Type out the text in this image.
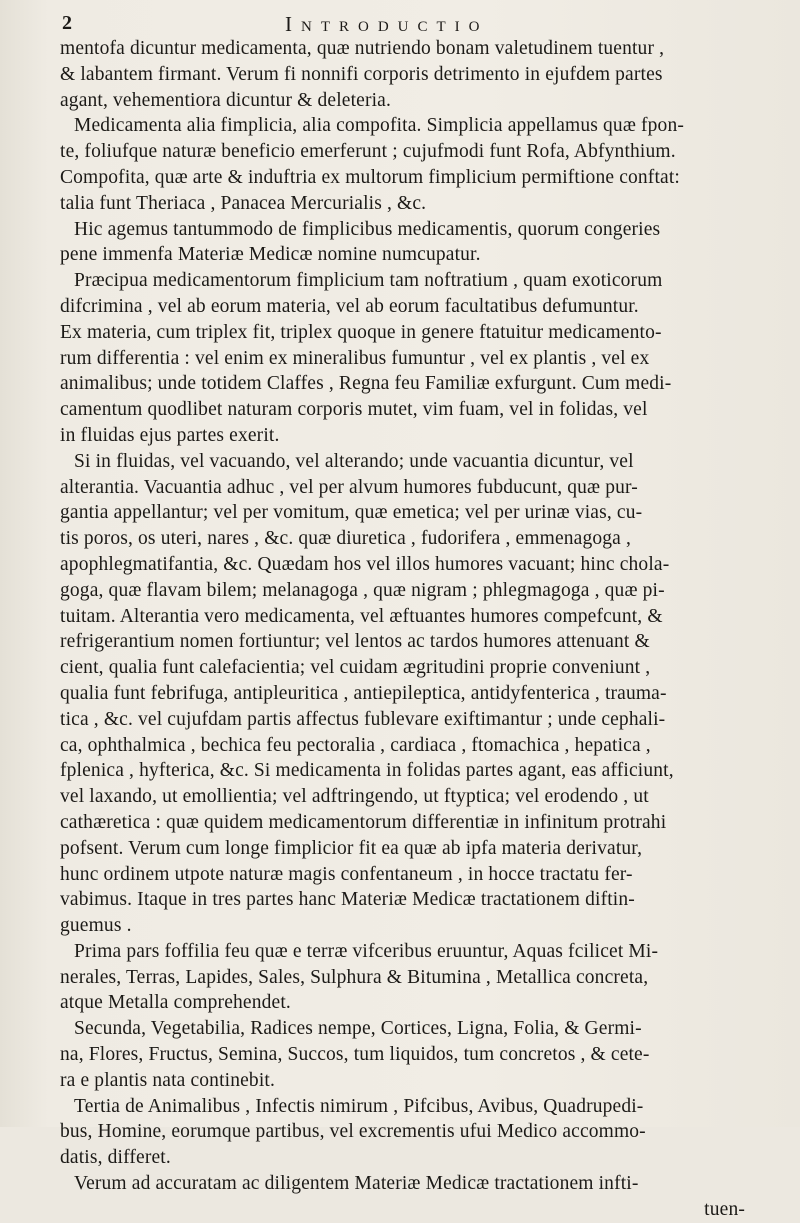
2	Introductio
mentofa dicuntur medicamenta, quæ nutriendo bonam valetudinem tuentur ,
& labantem firmant. Verum fi nonnifi corporis detrimento in ejufdem partes
agant, vehementiora dicuntur & deleteria.
Medicamenta alia fimplicia, alia compofita. Simplicia appellamus quæ fpon-
te, foliufque naturæ beneficio emerferunt ; cujufmodi funt Rofa, Abfynthium.
Compofita, quæ arte & induftria ex multorum fimplicium permiftione conftat:
talia funt Theriaca , Panacea Mercurialis , &c.
Hic agemus tantummodo de fimplicibus medicamentis, quorum congeries
pene immenfa Materiæ Medicæ nomine numcupatur.
Præcipua medicamentorum fimplicium tam noftratium , quam exoticorum
difcrimina , vel ab eorum materia, vel ab eorum facultatibus defumuntur.
Ex materia, cum triplex fit, triplex quoque in genere ftatuitur medicamento-
rum differentia : vel enim ex mineralibus fumuntur , vel ex plantis , vel ex
animalibus; unde totidem Claffes , Regna feu Familiæ exfurgunt. Cum medi-
camentum quodlibet naturam corporis mutet, vim fuam, vel in folidas, vel
in fluidas ejus partes exerit.
Si in fluidas, vel vacuando, vel alterando; unde vacuantia dicuntur, vel
alterantia. Vacuantia adhuc , vel per alvum humores fubducunt, quæ pur-
gantia appellantur; vel per vomitum, quæ emetica; vel per urinæ vias, cu-
tis poros, os uteri, nares , &c. quæ diuretica , fudorifera , emmenagoga ,
apophlegmatifantia, &c. Quædam hos vel illos humores vacuant; hinc chola-
goga, quæ flavam bilem; melanagoga , quæ nigram ; phlegmagoga , quæ pi-
tuitam. Alterantia vero medicamenta, vel æftuantes humores compefcunt, &
refrigerantium nomen fortiuntur; vel lentos ac tardos humores attenuant &
cient, qualia funt calefacientia; vel cuidam ægritudini proprie conveniunt ,
qualia funt febrifuga, antipleuritica , antiepileptica, antidyfenterica , trauma-
tica , &c. vel cujufdam partis affectus fublevare exiftimantur ; unde cephali-
ca, ophthalmica , bechica feu pectoralia , cardiaca , ftomachica , hepatica ,
fplenica , hyfterica, &c. Si medicamenta in folidas partes agant, eas afficiunt,
vel laxando, ut emollientia; vel adftringendo, ut ftyptica; vel erodendo , ut
cathæretica : quæ quidem medicamentorum differentiæ in infinitum protrahi
pofsent. Verum cum longe fimplicior fit ea quæ ab ipfa materia derivatur,
hunc ordinem utpote naturæ magis confentaneum , in hocce tractatu fer-
vabimus. Itaque in tres partes hanc Materiæ Medicæ tractationem diftin-
guemus .
Prima pars foffilia feu quæ e terræ vifceribus eruuntur, Aquas fcilicet Mi-
nerales, Terras, Lapides, Sales, Sulphura & Bitumina , Metallica concreta,
atque Metalla comprehendet.
Secunda, Vegetabilia, Radices nempe, Cortices, Ligna, Folia, & Germi-
na, Flores, Fructus, Semina, Succos, tum liquidos, tum concretos , & cete-
ra e plantis nata continebit.
Tertia de Animalibus , Infectis nimirum , Pifcibus, Avibus, Quadrupedi-
bus, Homine, eorumque partibus, vel excrementis ufui Medico accommo-
datis, differet.
Verum ad accuratam ac diligentem Materiæ Medicæ tractationem infti-
tuen-
